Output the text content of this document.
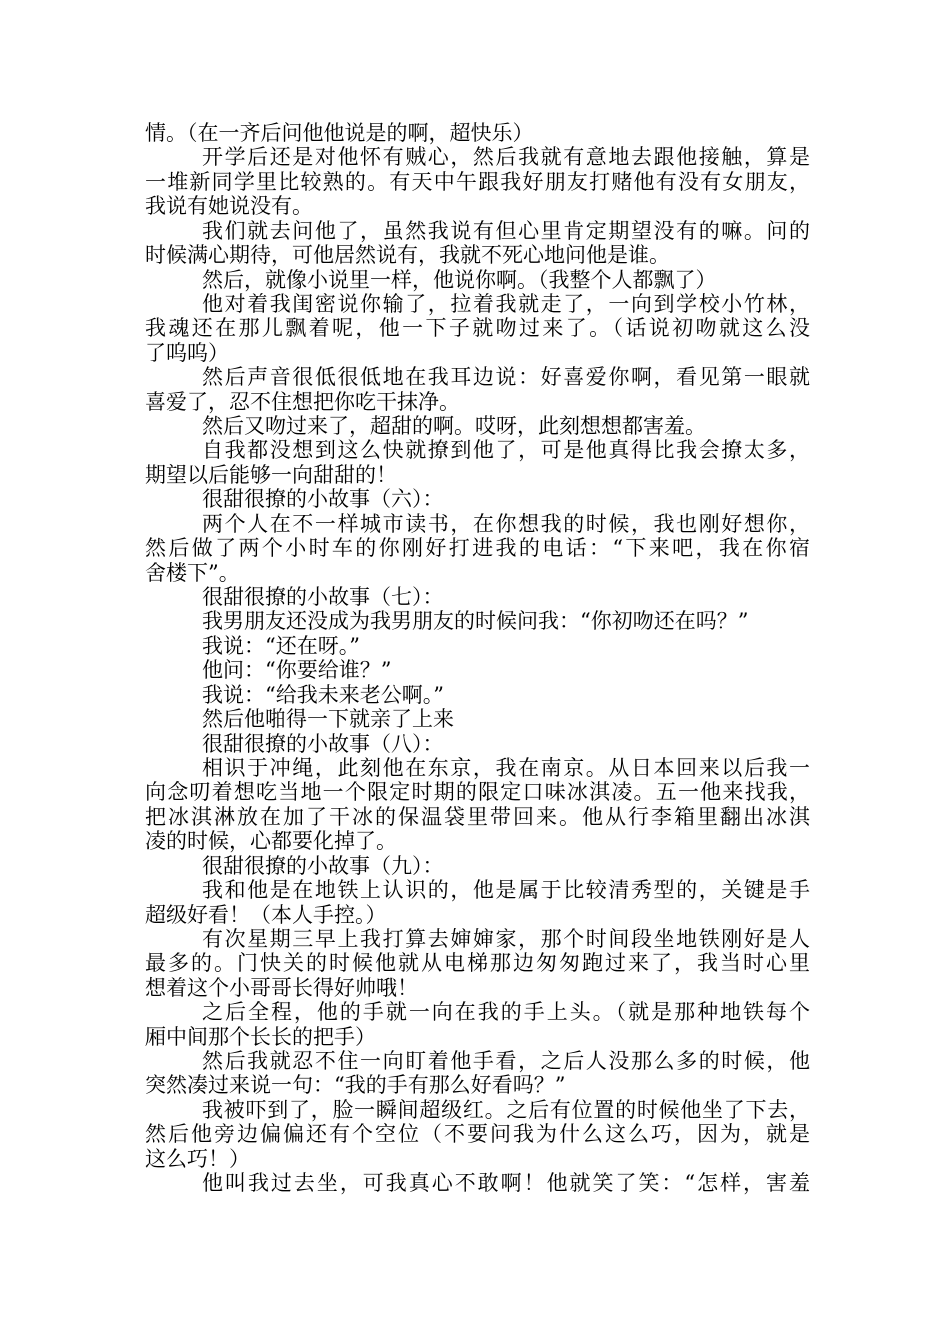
情。（在一齐后问他他说是的啊，超快乐）
开学后还是对他怀有贼心，然后我就有意地去跟他接触，算是
一堆新同学里比较熟的。有天中午跟我好朋友打赌他有没有女朋友，
我说有她说没有。
我们就去问他了，虽然我说有但心里肯定期望没有的嘛。问的
时候满心期待，可他居然说有，我就不死心地问他是谁。
然后，就像小说里一样，他说你啊。（我整个人都飘了）
他对着我闺密说你输了，拉着我就走了，一向到学校小竹林，
我魂还在那儿飘着呢，他一下子就吻过来了。（话说初吻就这么没
了呜呜）
然后声音很低很低地在我耳边说：好喜爱你啊，看见第一眼就
喜爱了，忍不住想把你吃干抹净。
然后又吻过来了，超甜的啊。哎呀，此刻想想都害羞。
自我都没想到这么快就撩到他了，可是他真得比我会撩太多，
期望以后能够一向甜甜的！
很甜很撩的小故事（六）：
两个人在不一样城市读书，在你想我的时候，我也刚好想你，
然后做了两个小时车的你刚好打进我的电话：“下来吧，我在你宿
舍楼下”。
很甜很撩的小故事（七）：
我男朋友还没成为我男朋友的时候问我：“你初吻还在吗？”
我说：“还在呀。”
他问：“你要给谁？”
我说：“给我未来老公啊。”
然后他啪得一下就亲了上来
很甜很撩的小故事（八）：
相识于冲绳，此刻他在东京，我在南京。从日本回来以后我一
向念叨着想吃当地一个限定时期的限定口味冰淇凌。五一他来找我，
把冰淇淋放在加了干冰的保温袋里带回来。他从行李箱里翻出冰淇
凌的时候，心都要化掉了。
很甜很撩的小故事（九）：
我和他是在地铁上认识的，他是属于比较清秀型的，关键是手
超级好看！（本人手控。）
有次星期三早上我打算去婶婶家，那个时间段坐地铁刚好是人
最多的。门快关的时候他就从电梯那边匆匆跑过来了，我当时心里
想着这个小哥哥长得好帅哦！
之后全程，他的手就一向在我的手上头。（就是那种地铁每个
厢中间那个长长的把手）
然后我就忍不住一向盯着他手看，之后人没那么多的时候，他
突然凑过来说一句：“我的手有那么好看吗？”
我被吓到了，脸一瞬间超级红。之后有位置的时候他坐了下去，
然后他旁边偏偏还有个空位（不要问我为什么这么巧，因为，就是
这么巧！）
他叫我过去坐，可我真心不敢啊！他就笑了笑：“怎样，害羞
